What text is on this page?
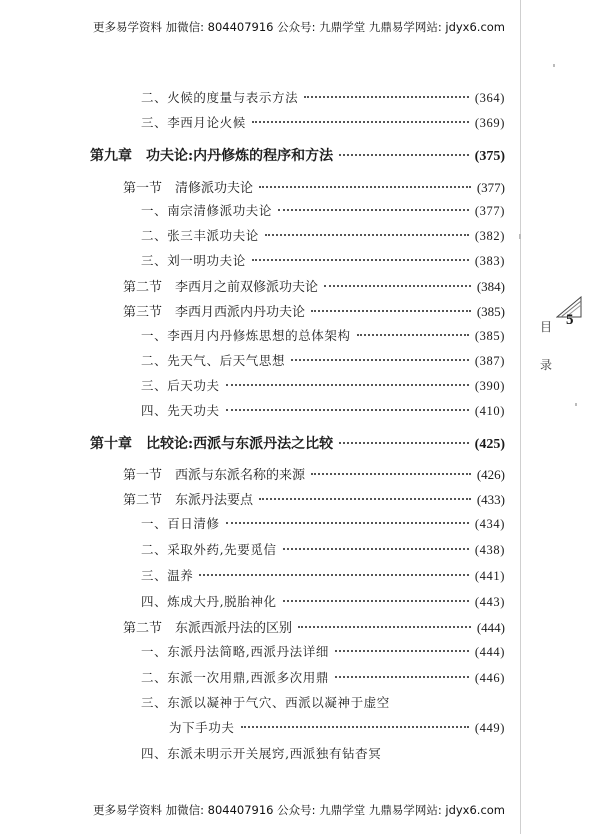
更多易学资料 加微信: 804407916 公众号: 九鼎学堂 九鼎易学网站: jdyx6.com
目
录
5
二、火候的度量与表示方法	(364)
三、李西月论火候	(369)
第九章　功夫论:内丹修炼的程序和方法	(375)
第一节　清修派功夫论	(377)
一、南宗清修派功夫论	(377)
二、张三丰派功夫论	(382)
三、刘一明功夫论	(383)
第二节　李西月之前双修派功夫论	(384)
第三节　李西月西派内丹功夫论	(385)
一、李西月内丹修炼思想的总体架构	(385)
二、先天气、后天气思想	(387)
三、后天功夫	(390)
四、先天功夫	(410)
第十章　比较论:西派与东派丹法之比较	(425)
第一节　西派与东派名称的来源	(426)
第二节　东派丹法要点	(433)
一、百日清修	(434)
二、采取外药,先要觅信	(438)
三、温养	(441)
四、炼成大丹,脱胎神化	(443)
第二节　东派西派丹法的区别	(444)
一、东派丹法简略,西派丹法详细	(444)
二、东派一次用鼎,西派多次用鼎	(446)
三、东派以凝神于气穴、西派以凝神于虚空
为下手功夫	(449)
四、东派未明示开关展窍,西派独有钻杳冥
更多易学资料 加微信: 804407916 公众号: 九鼎学堂 九鼎易学网站: jdyx6.com
